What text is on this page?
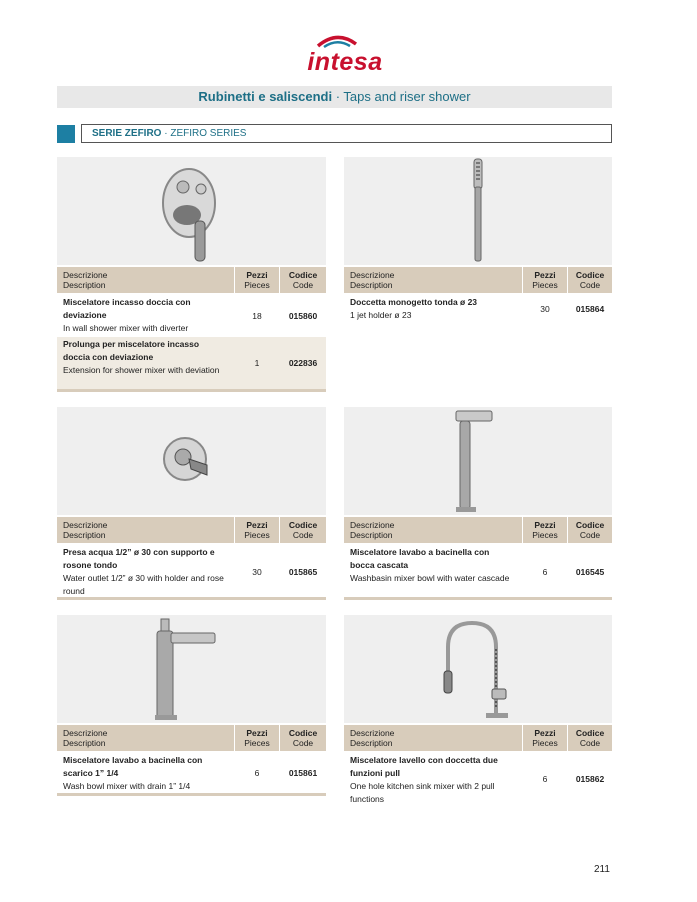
intesa
Rubinetti e saliscendi · Taps and riser shower
SERIE ZEFIRO · ZEFIRO SERIES
Descrizione
Description
Pezzi
Pieces
Codice
Code
Miscelatore incasso doccia con deviazione
In wall shower mixer with diverter
18	015860
Prolunga per miscelatore incasso doccia con deviazione
Extension for shower mixer with deviation
1	022836
Descrizione
Description
Pezzi
Pieces
Codice
Code
Doccetta monogetto tonda ø 23
1 jet holder ø 23
30	015864
Descrizione
Description
Pezzi
Pieces
Codice
Code
Presa acqua 1/2” ø 30 con supporto e rosone tondo
Water outlet 1/2” ø 30 with holder and rose round
30	015865
Descrizione
Description
Pezzi
Pieces
Codice
Code
Miscelatore lavabo a bacinella con bocca cascata
Washbasin mixer bowl with water cascade
6	016545
Descrizione
Description
Pezzi
Pieces
Codice
Code
Miscelatore lavabo a bacinella con scarico 1” 1/4
Wash bowl mixer with drain 1” 1/4
6	015861
Descrizione
Description
Pezzi
Pieces
Codice
Code
Miscelatore lavello con doccetta due funzioni pull
One hole kitchen sink mixer with 2 pull functions
6	015862
211
